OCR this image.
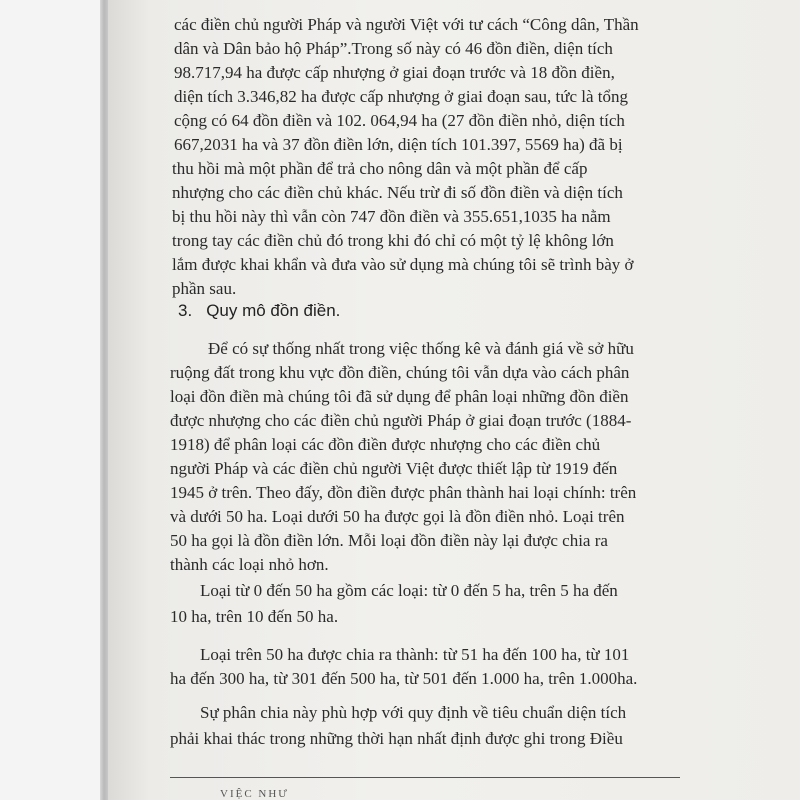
các điền chủ người Pháp và người Việt với tư cách “Công dân, Thần
dân và Dân bảo hộ Pháp”.Trong số này có 46 đồn điền, diện tích
98.717,94 ha được cấp nhượng ở giai đoạn trước và 18 đồn điền,
diện tích 3.346,82 ha được cấp nhượng ở giai đoạn sau, tức là tổng
cộng có 64 đồn điền và 102. 064,94 ha (27 đồn điền nhỏ, diện tích
667,2031 ha và 37 đồn điền lớn, diện tích 101.397, 5569 ha) đã bị
thu hồi mà một phần để trả cho nông dân và một phần để cấp
nhượng cho các điền chủ khác. Nếu trừ đi số đồn điền và diện tích
bị thu hồi này thì vẫn còn 747 đồn điền và 355.651,1035 ha nằm
trong tay các điền chủ đó trong khi đó chỉ có một tỷ lệ không lớn
lắm được khai khẩn và đưa vào sử dụng mà chúng tôi sẽ trình bày ở
phần sau.
3. Quy mô đồn điền.
Để có sự thống nhất trong việc thống kê và đánh giá về sở hữu
ruộng đất trong khu vực đồn điền, chúng tôi vẫn dựa vào cách phân
loại đồn điền mà chúng tôi đã sử dụng để phân loại những đồn điền
được nhượng cho các điền chủ người Pháp ở giai đoạn trước (1884-
1918) để phân loại các đồn điền được nhượng cho các điền chủ
người Pháp và các điền chủ người Việt được thiết lập từ 1919 đến
1945 ở trên. Theo đấy, đồn điền được phân thành hai loại chính: trên
và dưới 50 ha. Loại dưới 50 ha được gọi là đồn điền nhỏ. Loại trên
50 ha gọi là đồn điền lớn. Mỗi loại đồn điền này lại được chia ra
thành các loại nhỏ hơn.
Loại từ 0 đến 50 ha gồm các loại: từ 0 đến 5 ha, trên 5 ha đến
10 ha, trên 10 đến 50 ha.
Loại trên 50 ha được chia ra thành: từ 51 ha đến 100 ha, từ 101
ha đến 300 ha, từ 301 đến 500 ha, từ 501 đến 1.000 ha, trên 1.000ha.
Sự phân chia này phù hợp với quy định về tiêu chuẩn diện tích
phải khai thác trong những thời hạn nhất định được ghi trong Điều
VIỆC NHƯ
